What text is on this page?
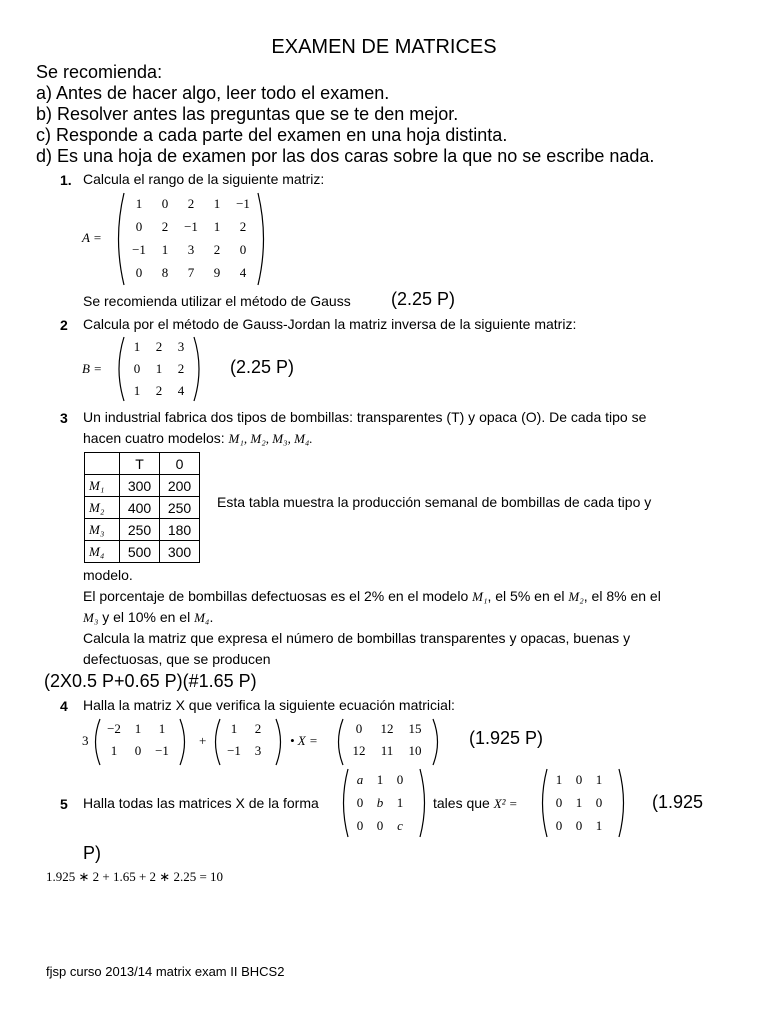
EXAMEN DE MATRICES
Se recomienda:
a) Antes de hacer algo, leer todo el examen.
b) Resolver antes las preguntas que se te den mejor.
c) Responde a cada parte del examen en una hoja distinta.
d) Es una hoja de examen por las dos caras sobre la que no se escribe nada.
1. Calcula el rango de la siguiente matriz:
A =
1 0 2 1 −1
0 2 −1 1 2
−1 1 3 2 0
0 8 7 9 4
Se recomienda utilizar el método de Gauss (2.25 P)
2 Calcula por el método de Gauss-Jordan la matriz inversa de la siguiente matriz:
B =
1 2 3
0 1 2
1 2 4
(2.25 P)
3 Un industrial fabrica dos tipos de bombillas: transparentes (T) y opaca (O). De cada tipo se
hacen cuatro modelos: M₁, M₂, M₃, M₄.
	T	0
M₁	300	200
M₂	400	250
M₃	250	180
M₄	500	300
Esta tabla muestra la producción semanal de bombillas de cada tipo y
modelo.
El porcentaje de bombillas defectuosas es el 2% en el modelo M₁, el 5% en el M₂, el 8% en el
M₃ y el 10% en el M₄.
Calcula la matriz que expresa el número de bombillas transparentes y opacas, buenas y
defectuosas, que se producen
(2X0.5 P+0.65 P)(#1.65 P)
4 Halla la matriz X que verifica la siguiente ecuación matricial:
3
−2 1 1
1 0 −1
+
1 2
−1 3
• X =
0 12 15
12 11 10
(1.925 P)
5 Halla todas las matrices X de la forma
a 1 0
0 b 1
0 0 c
tales que X² =
1 0 1
0 1 0
0 0 1
(1.925
P)
1.925 ∗ 2 + 1.65 + 2 ∗ 2.25 = 10
fjsp curso 2013/14 matrix exam II BHCS2
